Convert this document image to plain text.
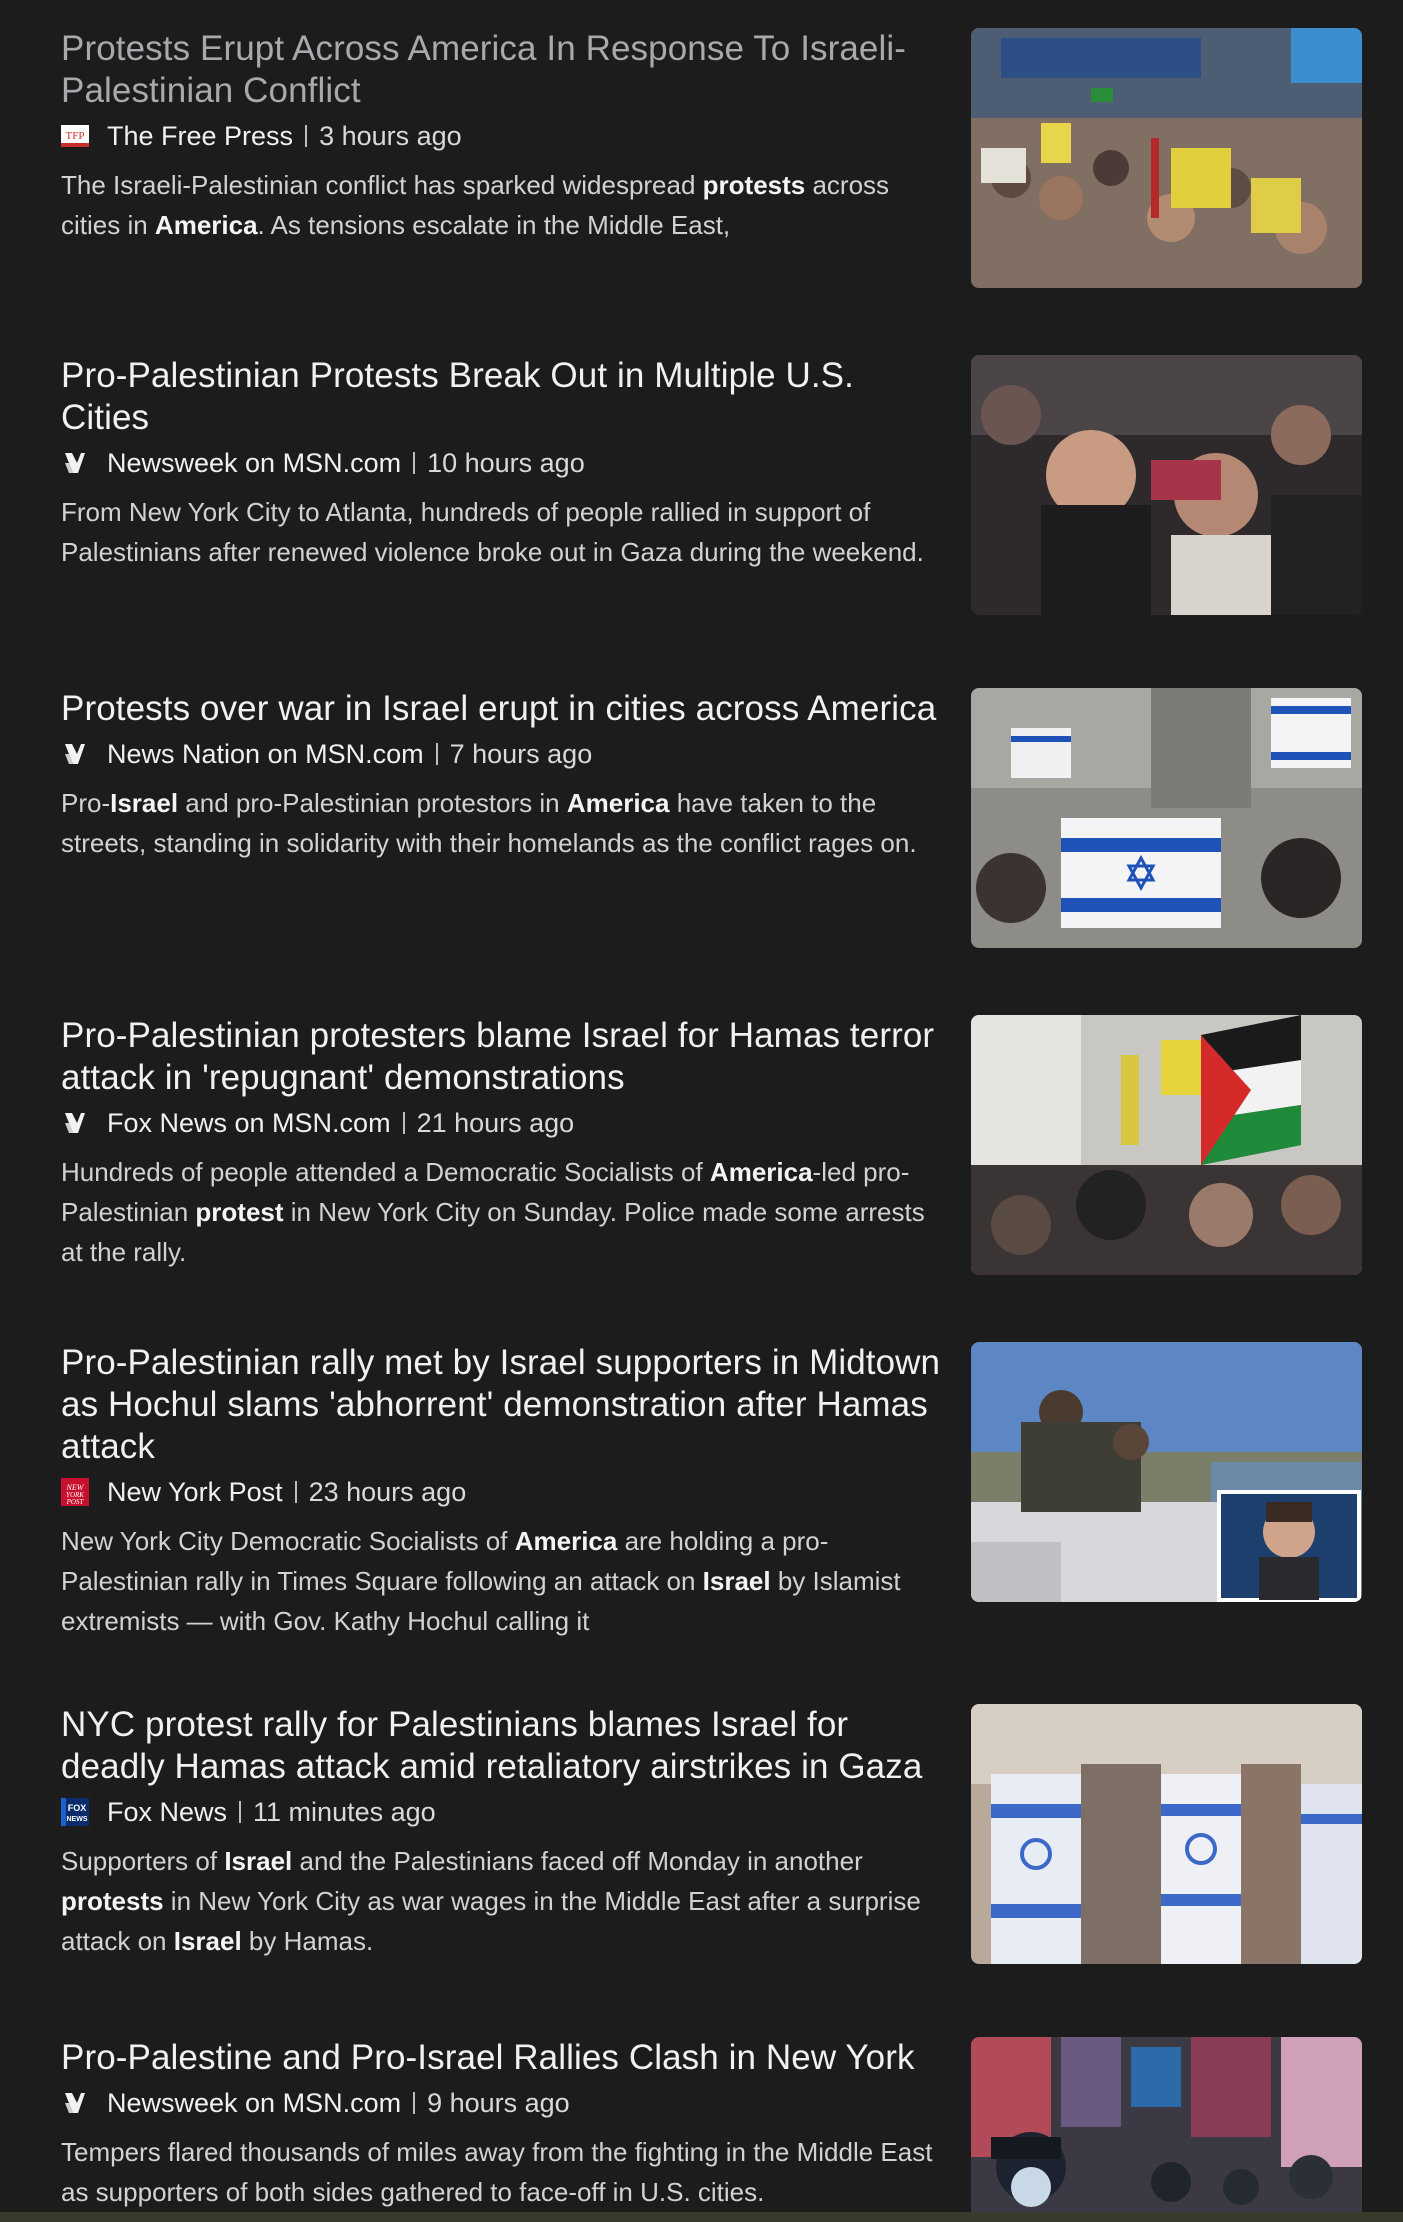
Protests Erupt Across America In Response To Israeli-Palestinian Conflict
TFP The Free Press 3 hours ago
The Israeli-Palestinian conflict has sparked widespread protests across cities in America. As tensions escalate in the Middle East,
Pro-Palestinian Protests Break Out in Multiple U.S. Cities
Newsweek on MSN.com 10 hours ago
From New York City to Atlanta, hundreds of people rallied in support of Palestinians after renewed violence broke out in Gaza during the weekend.
Protests over war in Israel erupt in cities across America
News Nation on MSN.com 7 hours ago
Pro-Israel and pro-Palestinian protestors in America have taken to the streets, standing in solidarity with their homelands as the conflict rages on.
Pro-Palestinian protesters blame Israel for Hamas terror attack in 'repugnant' demonstrations
Fox News on MSN.com 21 hours ago
Hundreds of people attended a Democratic Socialists of America-led pro-Palestinian protest in New York City on Sunday. Police made some arrests at the rally.
Pro-Palestinian rally met by Israel supporters in Midtown as Hochul slams 'abhorrent' demonstration after Hamas attack
NEW
YORK
POST New York Post 23 hours ago
New York City Democratic Socialists of America are holding a pro-Palestinian rally in Times Square following an attack on Israel by Islamist extremists — with Gov. Kathy Hochul calling it
NYC protest rally for Palestinians blames Israel for deadly Hamas attack amid retaliatory airstrikes in Gaza
FOX
NEWS Fox News 11 minutes ago
Supporters of Israel and the Palestinians faced off Monday in another protests in New York City as war wages in the Middle East after a surprise attack on Israel by Hamas.
Pro-Palestine and Pro-Israel Rallies Clash in New York
Newsweek on MSN.com 9 hours ago
Tempers flared thousands of miles away from the fighting in the Middle East as supporters of both sides gathered to face-off in U.S. cities.
